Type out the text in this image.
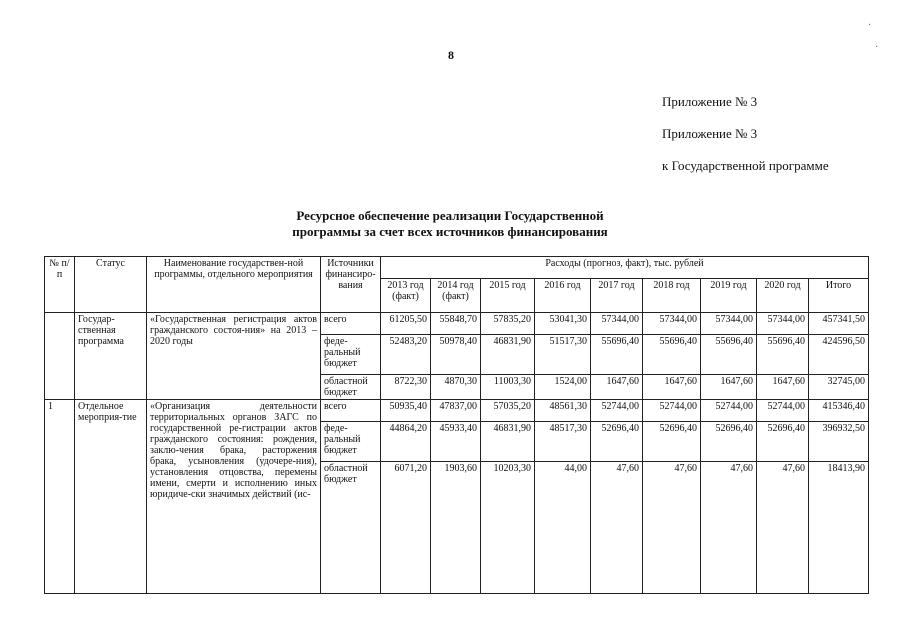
8
Приложение № 3
Приложение № 3
к Государственной программе
Ресурсное обеспечение реализации Государственной
программы за счет всех источников финансирования
№ п/п	Статус	Наименование государствен-ной программы, отдельного мероприятия	Источники финансиро-вания	Расходы (прогноз, факт), тыс. рублей								
				2013 год (факт)	2014 год (факт)	2015 год	2016 год	2017 год	2018 год	2019 год	2020 год	Итого
	Государ-ственная программа	«Государственная регистрация актов гражданского состоя-ния» на 2013 – 2020 годы	всего	61205,50	55848,70	57835,20	53041,30	57344,00	57344,00	57344,00	57344,00	457341,50
			феде-ральный бюджет	52483,20	50978,40	46831,90	51517,30	55696,40	55696,40	55696,40	55696,40	424596,50
			областной бюджет	8722,30	4870,30	11003,30	1524,00	1647,60	1647,60	1647,60	1647,60	32745,00
1	Отдельное мероприя-тие	«Организация деятельности территориальных органов ЗАГС по государственной ре-гистрации актов гражданского состояния: рождения, заклю-чения брака, расторжения брака, усыновления (удочере-ния), установления отцовства, перемены имени, смерти и исполнению иных юридиче-ски значимых действий (ис-	всего	50935,40	47837,00	57035,20	48561,30	52744,00	52744,00	52744,00	52744,00	415346,40
			феде-ральный бюджет	44864,20	45933,40	46831,90	48517,30	52696,40	52696,40	52696,40	52696,40	396932,50
			областной бюджет	6071,20	1903,60	10203,30	44,00	47,60	47,60	47,60	47,60	18413,90
·
·
